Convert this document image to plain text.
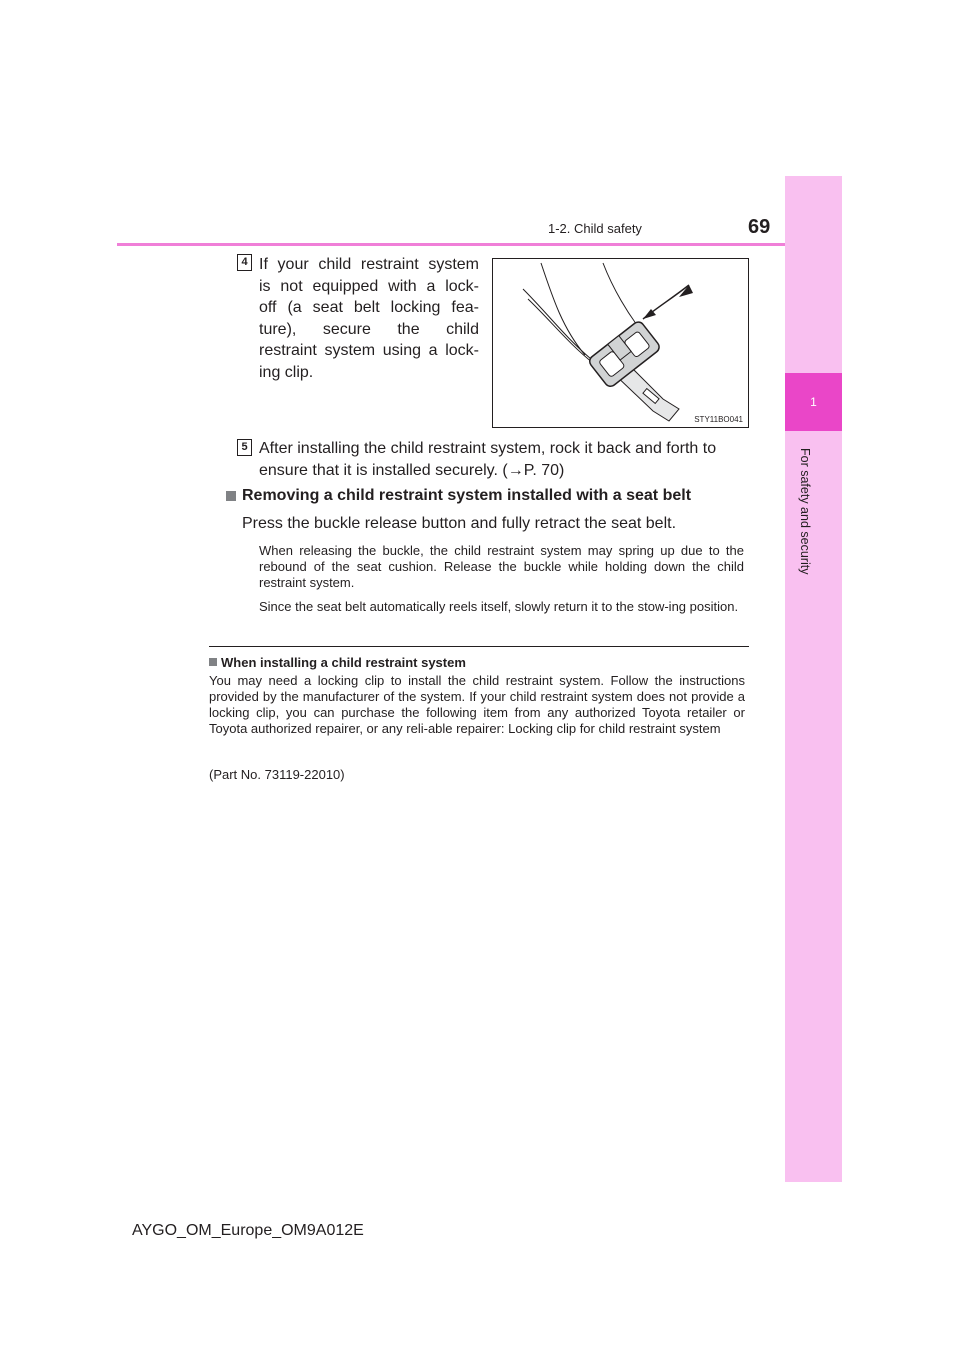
1
For safety and security
1-2. Child safety	69
4 If your child restraint system
is not equipped with a lock-
off (a seat belt locking fea-
ture), secure the child
restraint system using a lock-
ing clip.
STY11BO041
5 After installing the child restraint system, rock it back and forth to
ensure that it is installed securely. (→P. 70)
Removing a child restraint system installed with a seat belt
Press the buckle release button and fully retract the seat belt.
When releasing the buckle, the child restraint system may spring up due to the rebound of the seat cushion. Release the buckle while holding down the child restraint system.
Since the seat belt automatically reels itself, slowly return it to the stow-ing position.
When installing a child restraint system
You may need a locking clip to install the child restraint system. Follow the instructions provided by the manufacturer of the system. If your child restraint system does not provide a locking clip, you can purchase the following item from any authorized Toyota retailer or Toyota authorized repairer, or any reli-able repairer: Locking clip for child restraint system
(Part No. 73119-22010)
AYGO_OM_Europe_OM9A012E
